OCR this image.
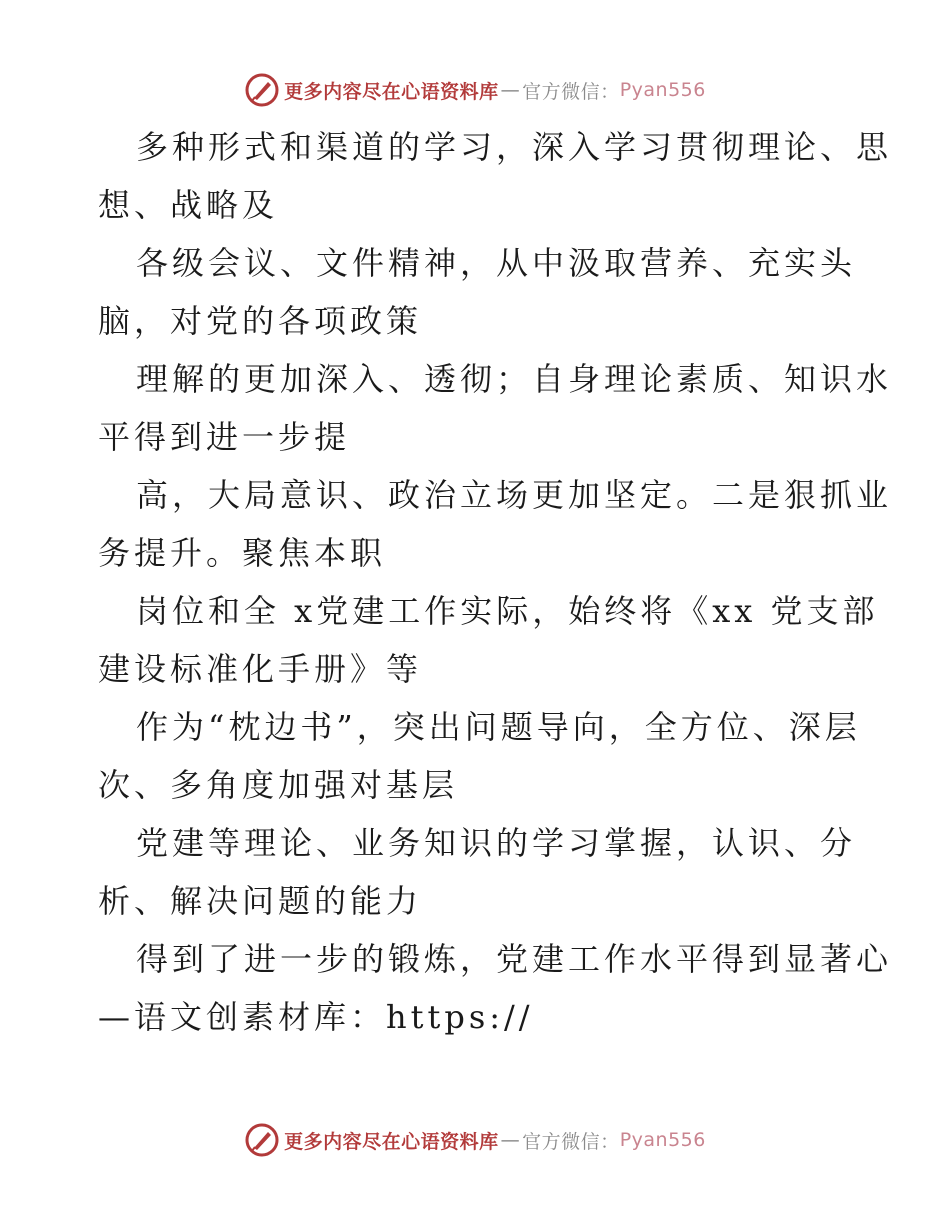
更多内容尽在心语资料库 — 官方微信： Pyan556
多种形式和渠道的学习，深入学习贯彻理论、思
想、战略及
各级会议、文件精神，从中汲取营养、充实头
脑，对党的各项政策
理解的更加深入、透彻；自身理论素质、知识水
平得到进一步提
高，大局意识、政治立场更加坚定。二是狠抓业
务提升。聚焦本职
岗位和全 x党建工作实际，始终将《xx 党支部
建设标准化手册》等
作为“枕边书”，突出问题导向，全方位、深层
次、多角度加强对基层
党建等理论、业务知识的学习掌握，认识、分
析、解决问题的能力
得到了进一步的锻炼，党建工作水平得到显著心
—语文创素材库：https://
更多内容尽在心语资料库 — 官方微信： Pyan556
